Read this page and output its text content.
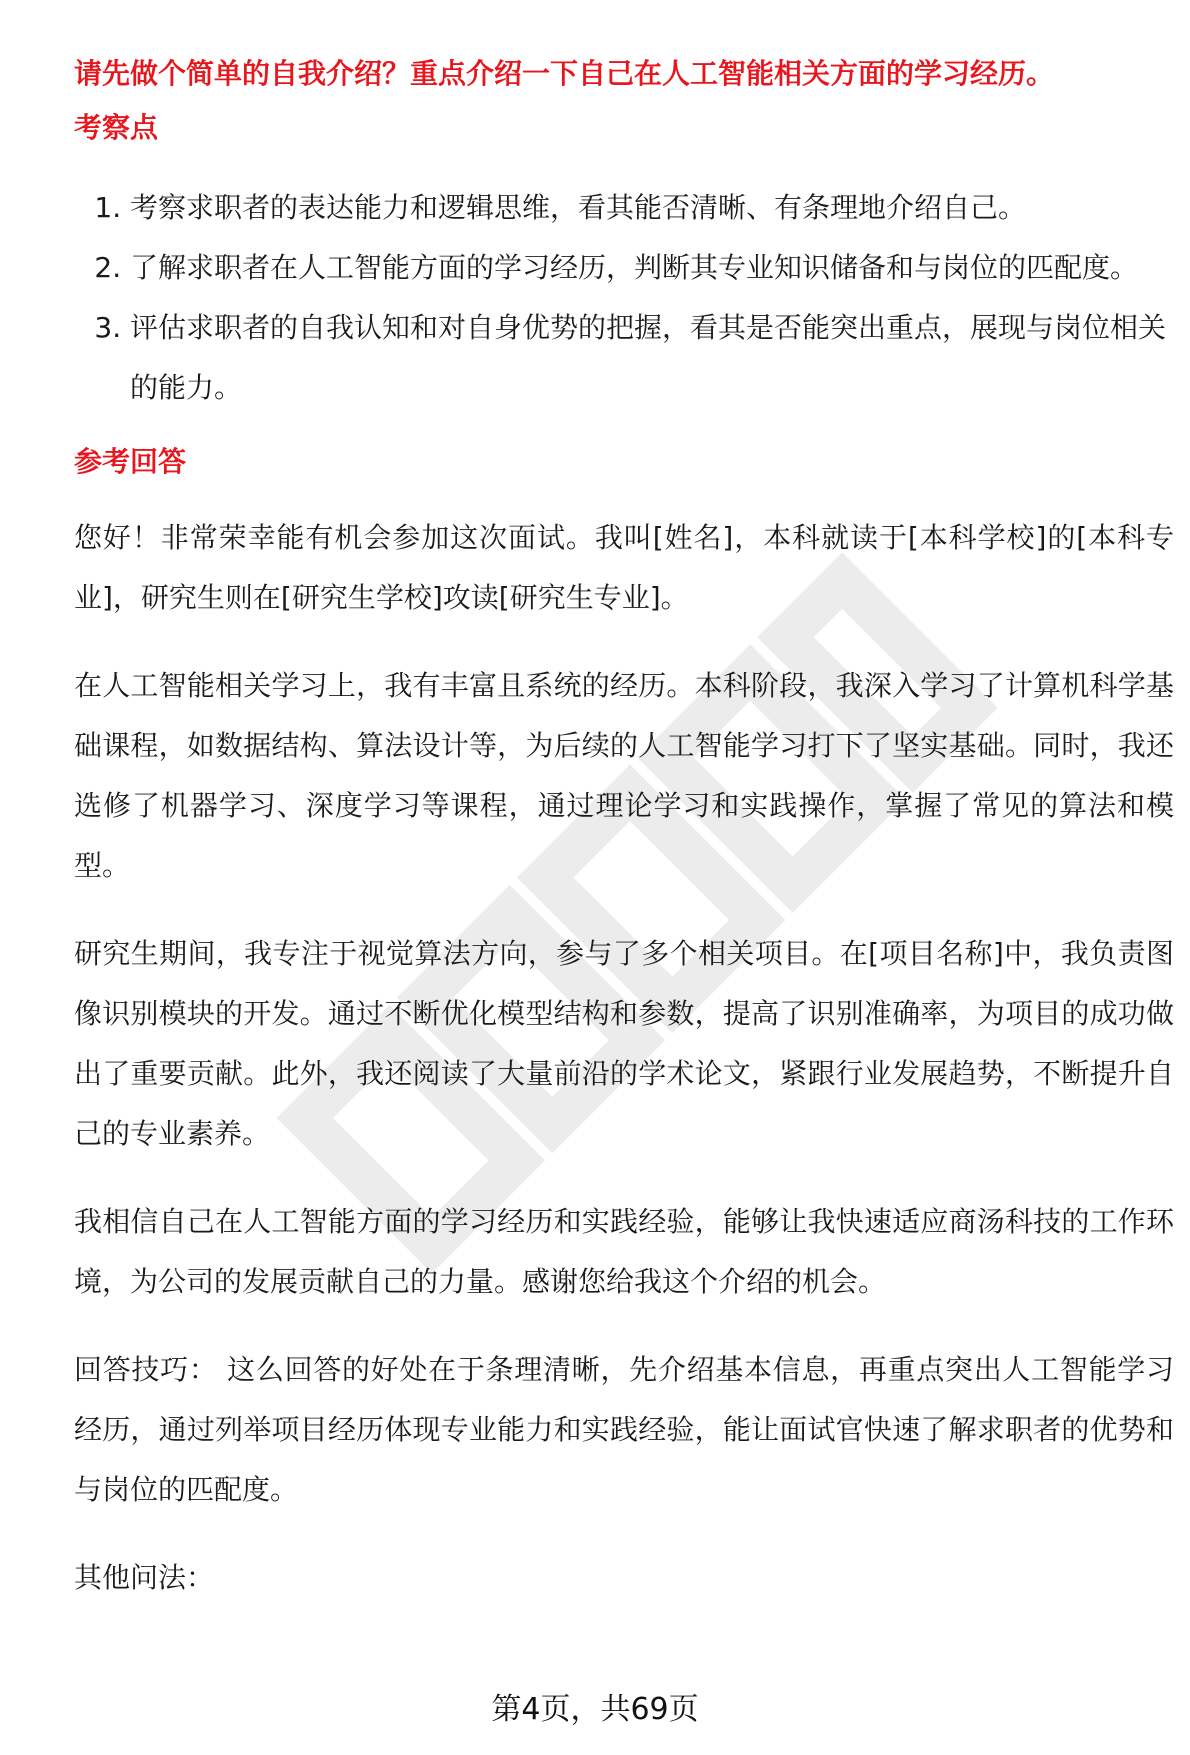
请先做个简单的自我介绍？重点介绍一下自己在人工智能相关方面的学习经历。
考察点
1. 考察求职者的表达能力和逻辑思维，看其能否清晰、有条理地介绍自己。
2. 了解求职者在人工智能方面的学习经历，判断其专业知识储备和与岗位的匹配度。
3. 评估求职者的自我认知和对自身优势的把握，看其是否能突出重点，展现与岗位相关的能力。
参考回答

您好！非常荣幸能有机会参加这次面试。我叫[姓名]，本科就读于[本科学校]的[本科专业]，研究生则在[研究生学校]攻读[研究生专业]。

在人工智能相关学习上，我有丰富且系统的经历。本科阶段，我深入学习了计算机科学基础课程，如数据结构、算法设计等，为后续的人工智能学习打下了坚实基础。同时，我还选修了机器学习、深度学习等课程，通过理论学习和实践操作，掌握了常见的算法和模型。

研究生期间，我专注于视觉算法方向，参与了多个相关项目。在[项目名称]中，我负责图像识别模块的开发。通过不断优化模型结构和参数，提高了识别准确率，为项目的成功做出了重要贡献。此外，我还阅读了大量前沿的学术论文，紧跟行业发展趋势，不断提升自己的专业素养。

我相信自己在人工智能方面的学习经历和实践经验，能够让我快速适应商汤科技的工作环境，为公司的发展贡献自己的力量。感谢您给我这个介绍的机会。

回答技巧： 这么回答的好处在于条理清晰，先介绍基本信息，再重点突出人工智能学习经历，通过列举项目经历体现专业能力和实践经验，能让面试官快速了解求职者的优势和与岗位的匹配度。

其他问法：

第4页，共69页
